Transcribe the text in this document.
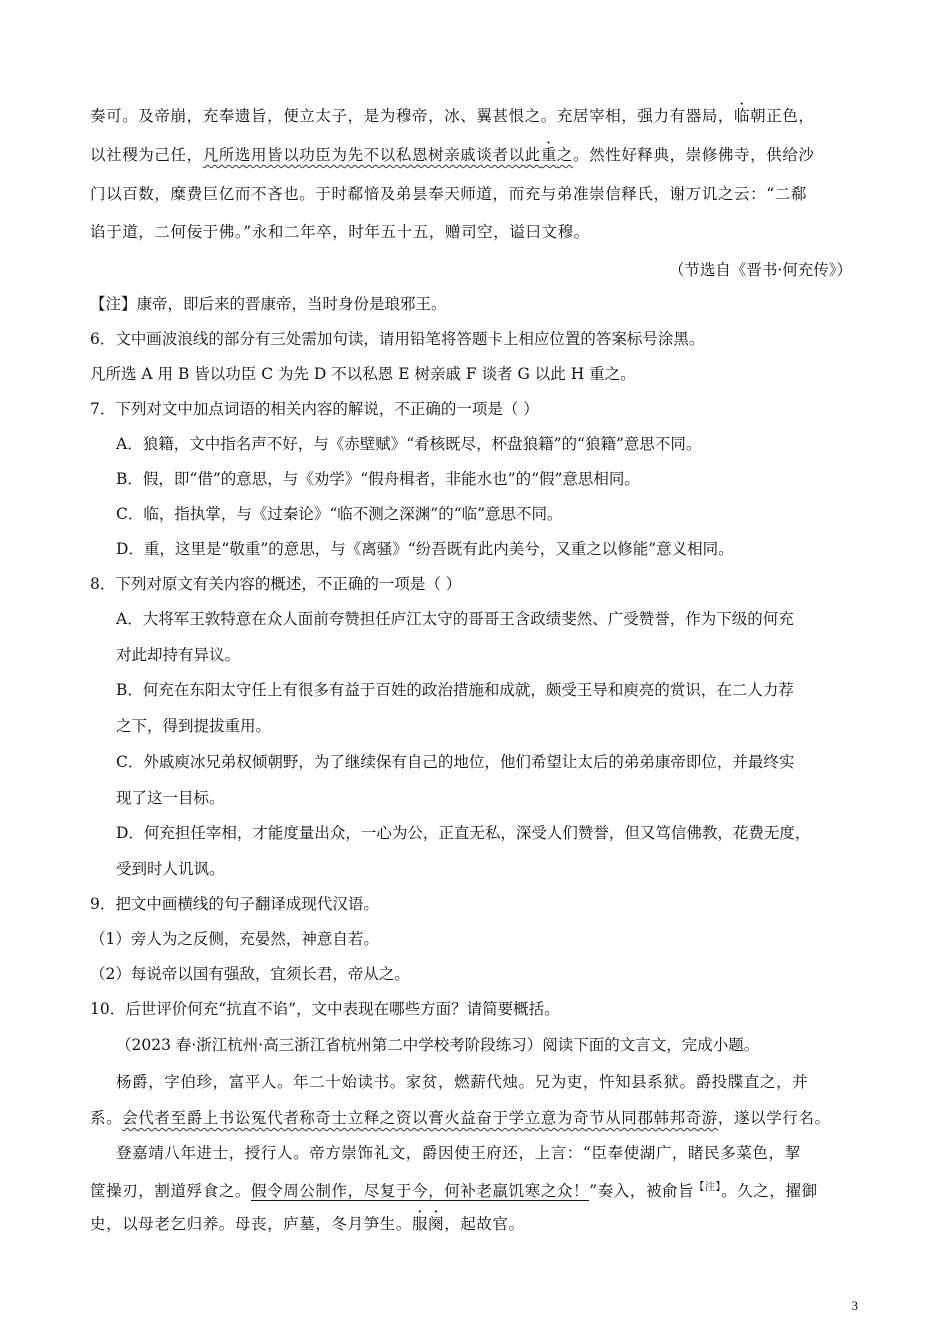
奏可。及帝崩，充奉遗旨，便立太子，是为穆帝，冰、翼甚恨之。充居宰相，强力有器局，临朝正色，
以社稷为己任，凡所选用皆以功臣为先不以私恩树亲戚谈者以此重之。然性好释典，崇修佛寺，供给沙
门以百数，糜费巨亿而不吝也。于时郗愔及弟昙奉天师道，而充与弟准崇信释氏，谢万讥之云：“二郗
谄于道，二何佞于佛。”永和二年卒，时年五十五，赠司空，谥曰文穆。
（节选自《晋书·何充传》）
【注】康帝，即后来的晋康帝，当时身份是琅邪王。
6．文中画波浪线的部分有三处需加句读，请用铅笔将答题卡上相应位置的答案标号涂黑。
凡所选 A 用 B 皆以功臣 C 为先 D 不以私恩 E 树亲戚 F 谈者 G 以此 H 重之。
7．下列对文中加点词语的相关内容的解说，不正确的一项是（ ）
A．狼籍，文中指名声不好，与《赤壁赋》“肴核既尽，杯盘狼籍”的“狼籍”意思不同。
B．假，即“借”的意思，与《劝学》“假舟楫者，非能水也”的“假”意思相同。
C．临，指执掌，与《过秦论》“临不测之深渊”的“临”意思不同。
D．重，这里是“敬重”的意思，与《离骚》“纷吾既有此内美兮，又重之以修能”意义相同。
8．下列对原文有关内容的概述，不正确的一项是（ ）
A．大将军王敦特意在众人面前夸赞担任庐江太守的哥哥王含政绩斐然、广受赞誉，作为下级的何充
对此却持有异议。
B．何充在东阳太守任上有很多有益于百姓的政治措施和成就，颇受王导和庾亮的赏识，在二人力荐
之下，得到提拔重用。
C．外戚庾冰兄弟权倾朝野，为了继续保有自己的地位，他们希望让太后的弟弟康帝即位，并最终实
现了这一目标。
D．何充担任宰相，才能度量出众，一心为公，正直无私，深受人们赞誉，但又笃信佛教，花费无度，
受到时人讥讽。
9．把文中画横线的句子翻译成现代汉语。
（1）旁人为之反侧，充晏然，神意自若。
（2）每说帝以国有强敌，宜须长君，帝从之。
10．后世评价何充“抗直不谄”，文中表现在哪些方面？请简要概括。
（2023 春·浙江杭州·高三浙江省杭州第二中学校考阶段练习）阅读下面的文言文，完成小题。
杨爵，字伯珍，富平人。年二十始读书。家贫，燃薪代烛。兄为吏，忤知县系狱。爵投牒直之，并
系。会代者至爵上书讼冤代者称奇士立释之资以膏火益奋于学立意为奇节从同郡韩邦奇游，遂以学行名。
登嘉靖八年进士，授行人。帝方崇饰礼文，爵因使王府还，上言：“臣奉使湖广，睹民多菜色，挈
筐操刃，割道殍食之。假令周公制作，尽复于今，何补老羸饥寒之众！”奏入，被俞旨$^{【注】}$。久之，擢御
史，以母老乞归养。母丧，庐墓，冬月笋生。服阕，起故官。
3
